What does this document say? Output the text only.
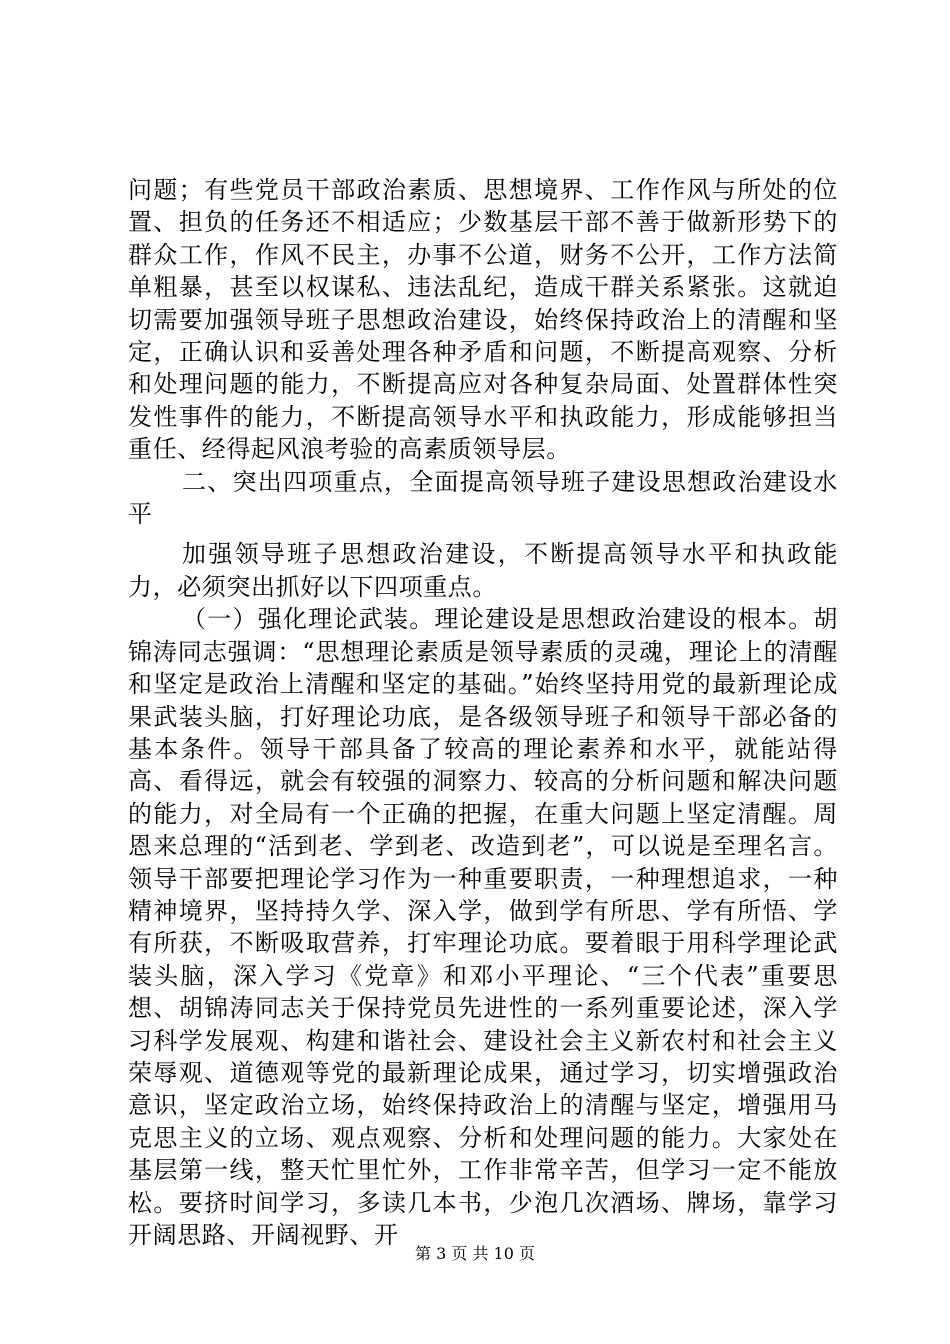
问题；有些党员干部政治素质、思想境界、工作作风与所处的位置、担负的任务还不相适应；少数基层干部不善于做新形势下的群众工作，作风不民主，办事不公道，财务不公开，工作方法简单粗暴，甚至以权谋私、违法乱纪，造成干群关系紧张。这就迫切需要加强领导班子思想政治建设，始终保持政治上的清醒和坚定，正确认识和妥善处理各种矛盾和问题，不断提高观察、分析和处理问题的能力，不断提高应对各种复杂局面、处置群体性突发性事件的能力，不断提高领导水平和执政能力，形成能够担当重任、经得起风浪考验的高素质领导层。

二、突出四项重点，全面提高领导班子建设思想政治建设水平

加强领导班子思想政治建设，不断提高领导水平和执政能力，必须突出抓好以下四项重点。

（一）强化理论武装。理论建设是思想政治建设的根本。胡锦涛同志强调：“思想理论素质是领导素质的灵魂，理论上的清醒和坚定是政治上清醒和坚定的基础。”始终坚持用党的最新理论成果武装头脑，打好理论功底，是各级领导班子和领导干部必备的基本条件。领导干部具备了较高的理论素养和水平，就能站得高、看得远，就会有较强的洞察力、较高的分析问题和解决问题的能力，对全局有一个正确的把握，在重大问题上坚定清醒。周恩来总理的“活到老、学到老、改造到老”，可以说是至理名言。领导干部要把理论学习作为一种重要职责，一种理想追求，一种精神境界，坚持持久学、深入学，做到学有所思、学有所悟、学有所获，不断吸取营养，打牢理论功底。要着眼于用科学理论武装头脑，深入学习《党章》和邓小平理论、“三个代表”重要思想、胡锦涛同志关于保持党员先进性的一系列重要论述，深入学习科学发展观、构建和谐社会、建设社会主义新农村和社会主义荣辱观、道德观等党的最新理论成果，通过学习，切实增强政治意识，坚定政治立场，始终保持政治上的清醒与坚定，增强用马克思主义的立场、观点观察、分析和处理问题的能力。大家处在基层第一线，整天忙里忙外，工作非常辛苦，但学习一定不能放松。要挤时间学习，多读几本书，少泡几次酒场、牌场，靠学习开阔思路、开阔视野、开

第 3 页 共 10 页
